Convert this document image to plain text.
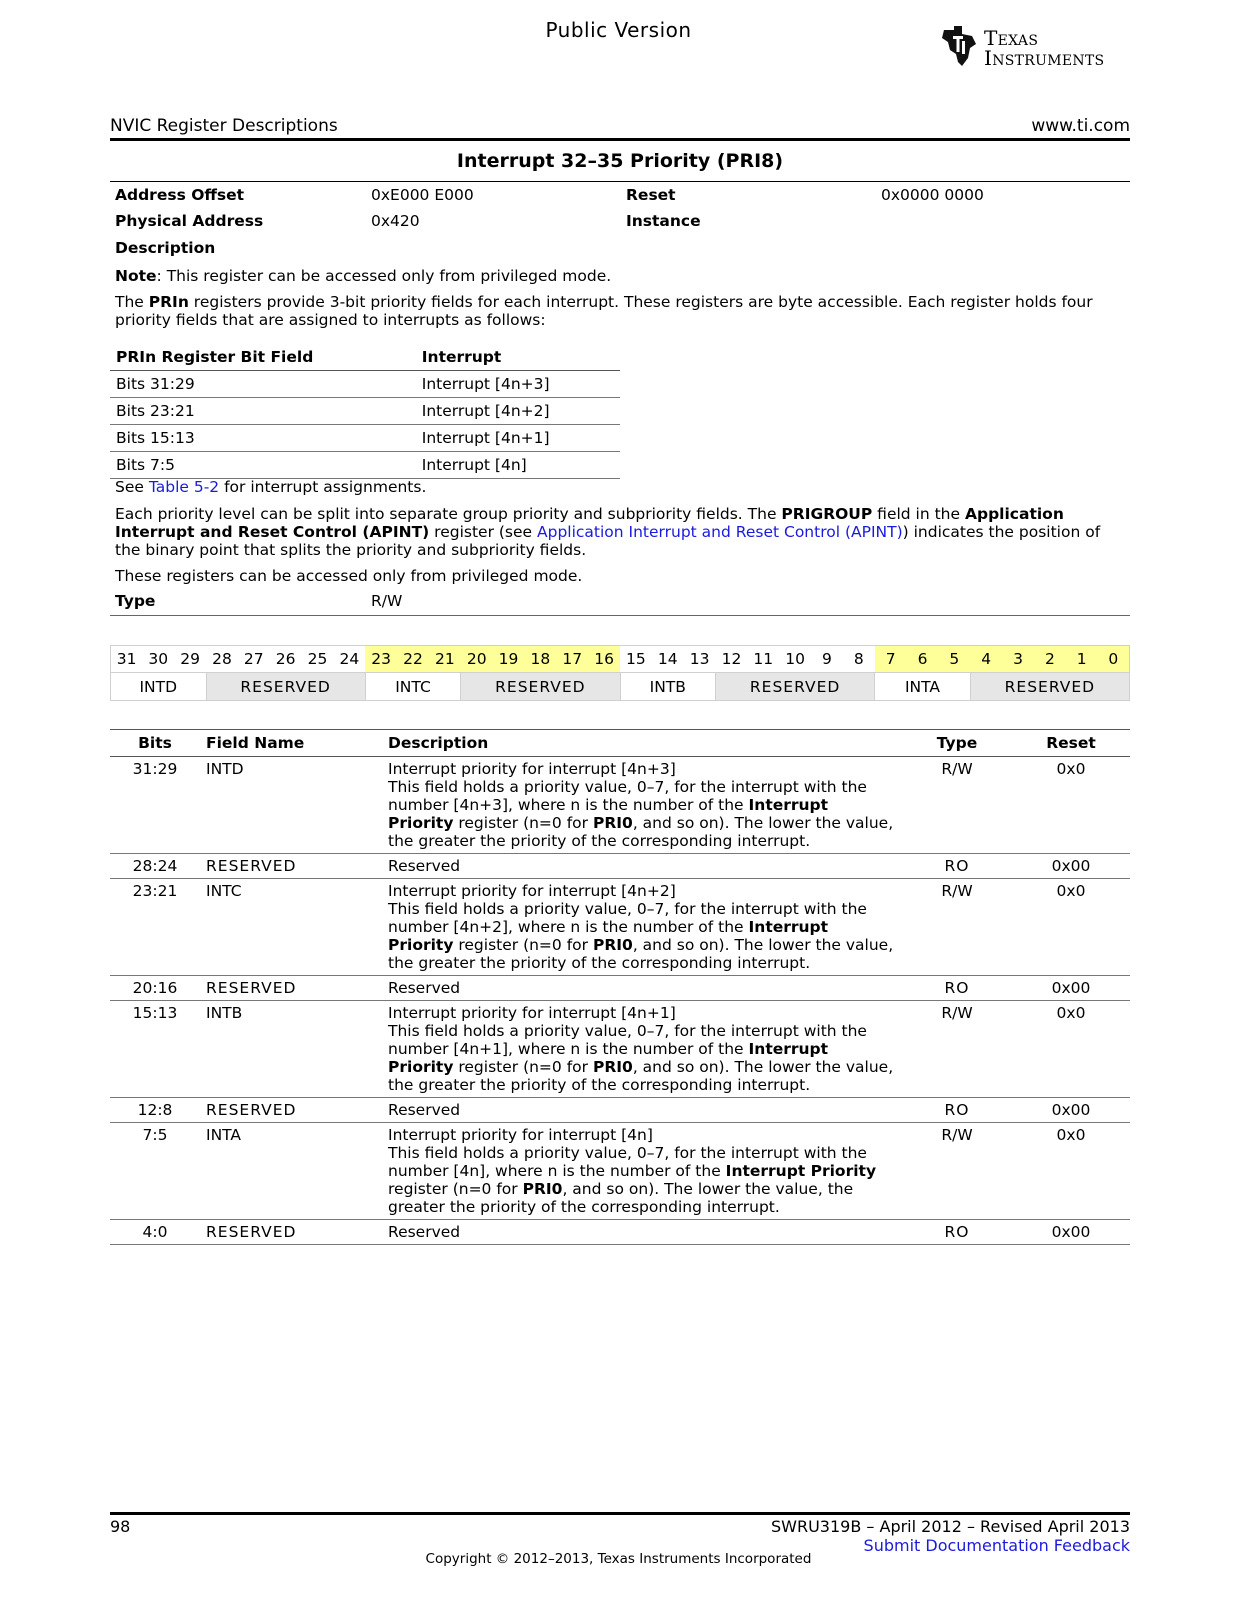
Public Version	Texas
Instruments
NVIC Register Descriptions	www.ti.com
Interrupt 32–35 Priority (PRI8)
Address Offset	0xE000 E000	Reset	0x0000 0000
Physical Address	0x420	Instance
Description
Note: This register can be accessed only from privileged mode.
The PRIn registers provide 3-bit priority fields for each interrupt. These registers are byte accessible. Each register holds four priority fields that are assigned to interrupts as follows:
PRIn Register Bit Field	Interrupt
Bits 31:29	Interrupt [4n+3]
Bits 23:21	Interrupt [4n+2]
Bits 15:13	Interrupt [4n+1]
Bits 7:5	Interrupt [4n]
See Table 5-2 for interrupt assignments.
Each priority level can be split into separate group priority and subpriority fields. The PRIGROUP field in the Application Interrupt and Reset Control (APINT) register (see Application Interrupt and Reset Control (APINT)) indicates the position of the binary point that splits the priority and subpriority fields.
These registers can be accessed only from privileged mode.
Type	R/W
31	30	29	28	27	26	25	24	23	22	21	20	19	18	17	16	15	14	13	12	11	10	9	8	7	6	5	4	3	2	1	0
INTD			RESERVED					INTC			RESERVED					INTB			RESERVED					INTA			RESERVED				
Bits	Field Name	Description	Type	Reset
31:29	INTD	Interrupt priority for interrupt [4n+3]
This field holds a priority value, 0–7, for the interrupt with the number [4n+3], where n is the number of the Interrupt Priority register (n=0 for PRI0, and so on). The lower the value, the greater the priority of the corresponding interrupt.	R/W	0x0
28:24	RESERVED	Reserved	RO	0x00
23:21	INTC	Interrupt priority for interrupt [4n+2]
This field holds a priority value, 0–7, for the interrupt with the number [4n+2], where n is the number of the Interrupt Priority register (n=0 for PRI0, and so on). The lower the value, the greater the priority of the corresponding interrupt.	R/W	0x0
20:16	RESERVED	Reserved	RO	0x00
15:13	INTB	Interrupt priority for interrupt [4n+1]
This field holds a priority value, 0–7, for the interrupt with the number [4n+1], where n is the number of the Interrupt Priority register (n=0 for PRI0, and so on). The lower the value, the greater the priority of the corresponding interrupt.	R/W	0x0
12:8	RESERVED	Reserved	RO	0x00
7:5	INTA	Interrupt priority for interrupt [4n]
This field holds a priority value, 0–7, for the interrupt with the number [4n], where n is the number of the Interrupt Priority register (n=0 for PRI0, and so on). The lower the value, the greater the priority of the corresponding interrupt.	R/W	0x0
4:0	RESERVED	Reserved	RO	0x00
98	SWRU319B – April 2012 – Revised April 2013
Submit Documentation Feedback
Copyright © 2012–2013, Texas Instruments Incorporated
